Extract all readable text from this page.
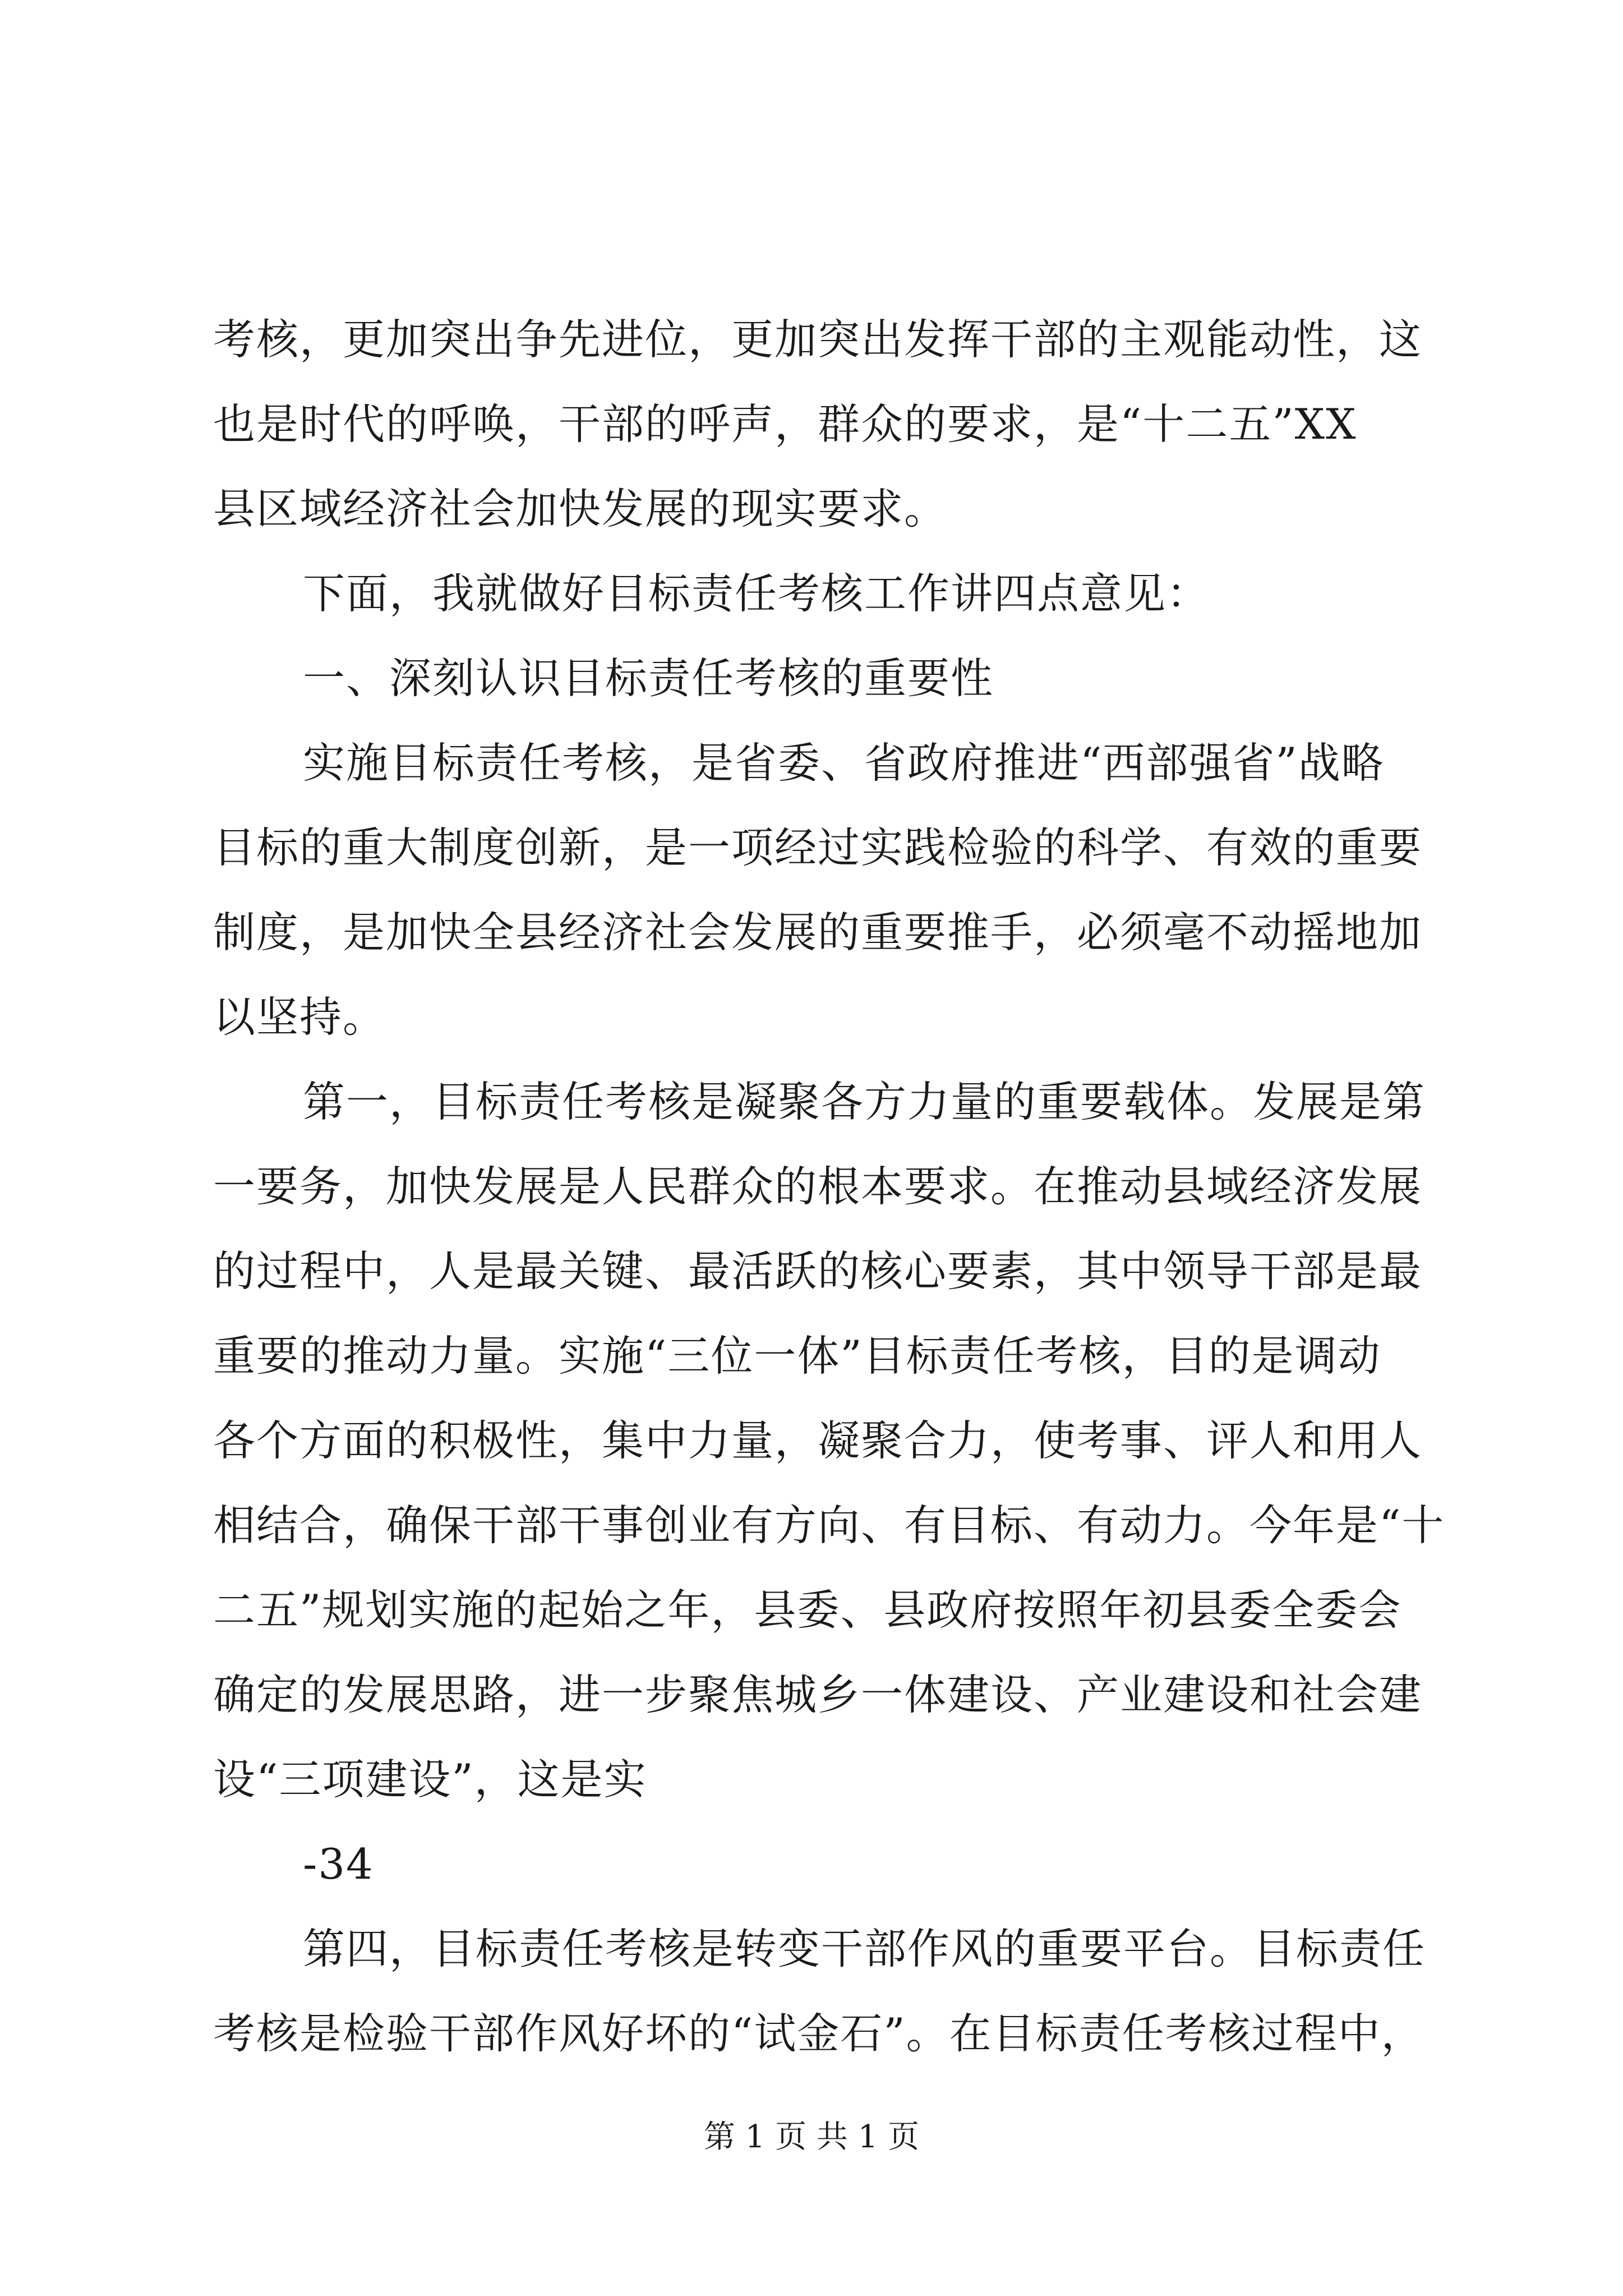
考核，更加突出争先进位，更加突出发挥干部的主观能动性，这
也是时代的呼唤，干部的呼声，群众的要求，是“十二五”XX
县区域经济社会加快发展的现实要求。
下面，我就做好目标责任考核工作讲四点意见：
一、深刻认识目标责任考核的重要性
实施目标责任考核，是省委、省政府推进“西部强省”战略
目标的重大制度创新，是一项经过实践检验的科学、有效的重要
制度，是加快全县经济社会发展的重要推手，必须毫不动摇地加
以坚持。
第一，目标责任考核是凝聚各方力量的重要载体。发展是第
一要务，加快发展是人民群众的根本要求。在推动县域经济发展
的过程中，人是最关键、最活跃的核心要素，其中领导干部是最
重要的推动力量。实施“三位一体”目标责任考核，目的是调动
各个方面的积极性，集中力量，凝聚合力，使考事、评人和用人
相结合，确保干部干事创业有方向、有目标、有动力。今年是“十
二五”规划实施的起始之年，县委、县政府按照年初县委全委会
确定的发展思路，进一步聚焦城乡一体建设、产业建设和社会建
设“三项建设”，这是实
-34
第四，目标责任考核是转变干部作风的重要平台。目标责任
考核是检验干部作风好坏的“试金石”。在目标责任考核过程中，
第 1 页 共 1 页
